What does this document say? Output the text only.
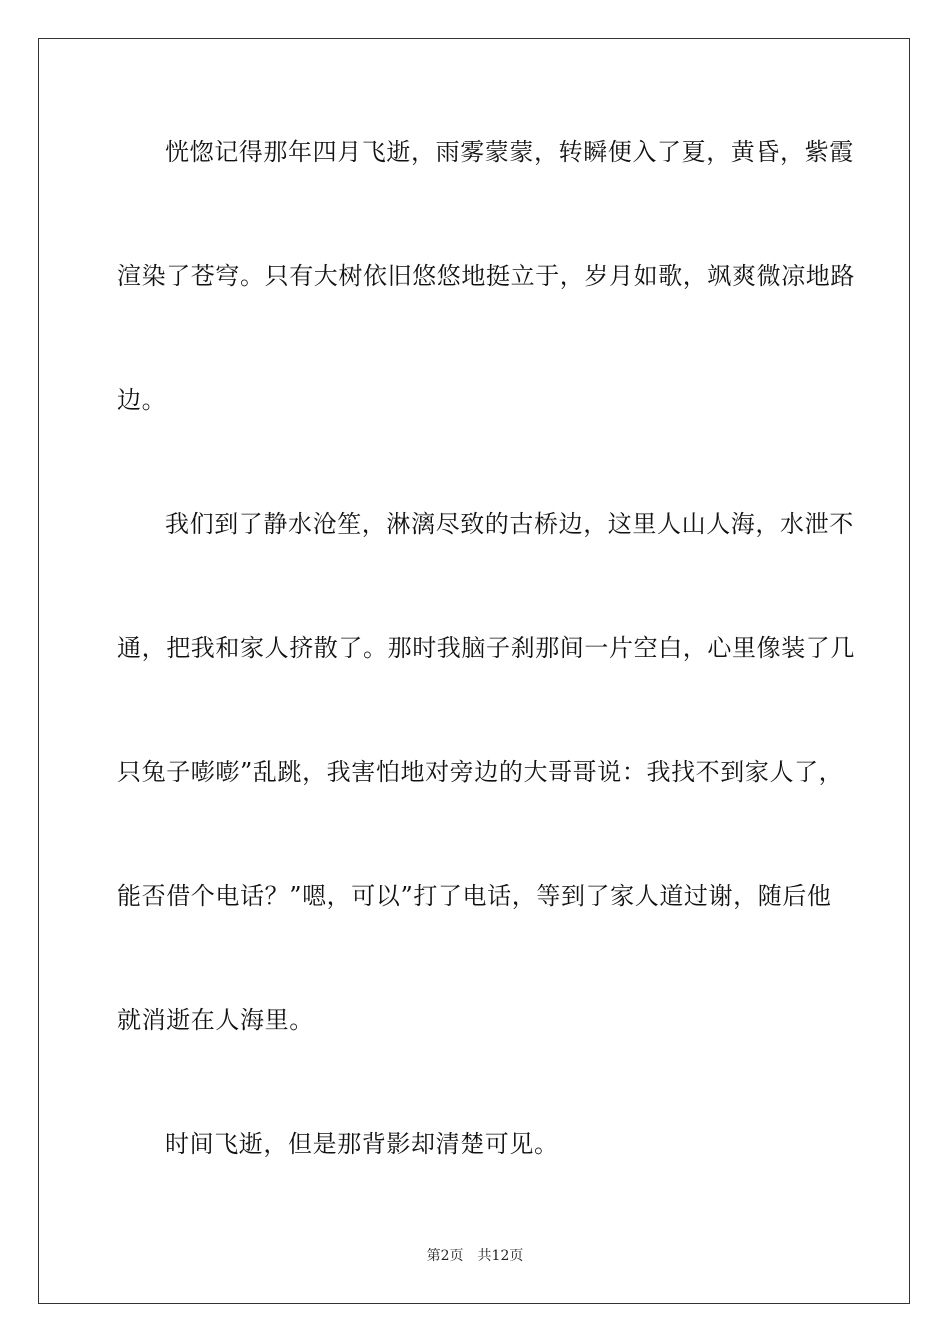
恍惚记得那年四月飞逝，雨雾蒙蒙，转瞬便入了夏，黄昏，紫霞
渲染了苍穹。只有大树依旧悠悠地挺立于，岁月如歌，飒爽微凉地路
边。
我们到了静水沧笙，淋漓尽致的古桥边，这里人山人海，水泄不
通，把我和家人挤散了。那时我脑子刹那间一片空白，心里像装了几
只兔子嘭嘭”乱跳，我害怕地对旁边的大哥哥说：我找不到家人了，
能否借个电话？”嗯，可以”打了电话，等到了家人道过谢，随后他
就消逝在人海里。
时间飞逝，但是那背影却清楚可见。
第2页 共12页
